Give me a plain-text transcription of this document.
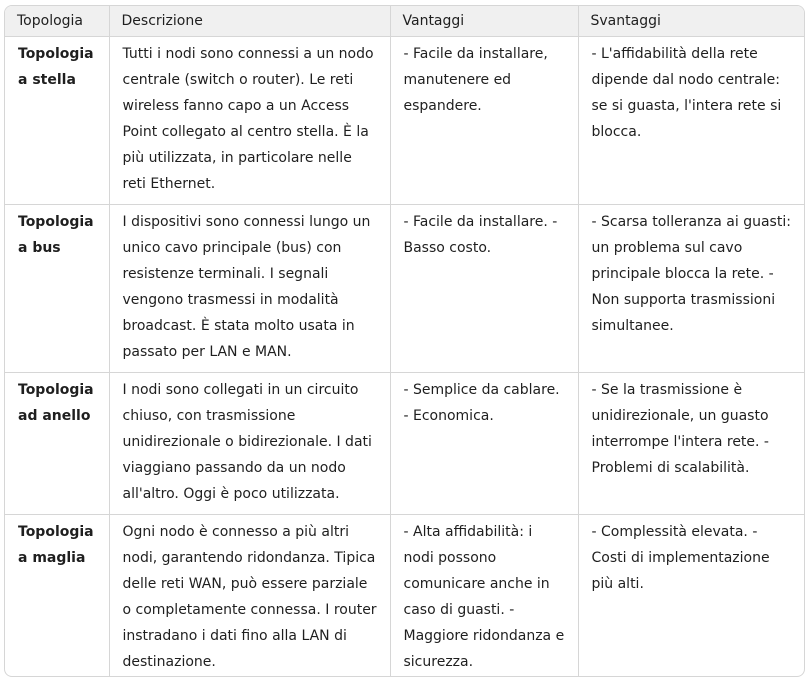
Topologia	Descrizione	Vantaggi	Svantaggi
Topologia a stella	Tutti i nodi sono connessi a un nodo centrale (switch o router). Le reti wireless fanno capo a un Access Point collegato al centro stella. È la più utilizzata, in particolare nelle reti Ethernet.	- Facile da installare, manutenere ed espandere.	- L'affidabilità della rete dipende dal nodo centrale: se si guasta, l'intera rete si blocca.
Topologia a bus	I dispositivi sono connessi lungo un unico cavo principale (bus) con resistenze terminali. I segnali vengono trasmessi in modalità broadcast. È stata molto usata in passato per LAN e MAN.	- Facile da installare. - Basso costo.	- Scarsa tolleranza ai guasti: un problema sul cavo principale blocca la rete. - Non supporta trasmissioni simultanee.
Topologia ad anello	I nodi sono collegati in un circuito chiuso, con trasmissione unidirezionale o bidirezionale. I dati viaggiano passando da un nodo all'altro. Oggi è poco utilizzata.	- Semplice da cablare. - Economica.	- Se la trasmissione è unidirezionale, un guasto interrompe l'intera rete. - Problemi di scalabilità.
Topologia a maglia	Ogni nodo è connesso a più altri nodi, garantendo ridondanza. Tipica delle reti WAN, può essere parziale o completamente connessa. I router instradano i dati fino alla LAN di destinazione.	- Alta affidabilità: i nodi possono comunicare anche in caso di guasti. - Maggiore ridondanza e sicurezza.	- Complessità elevata. - Costi di implementazione più alti.
